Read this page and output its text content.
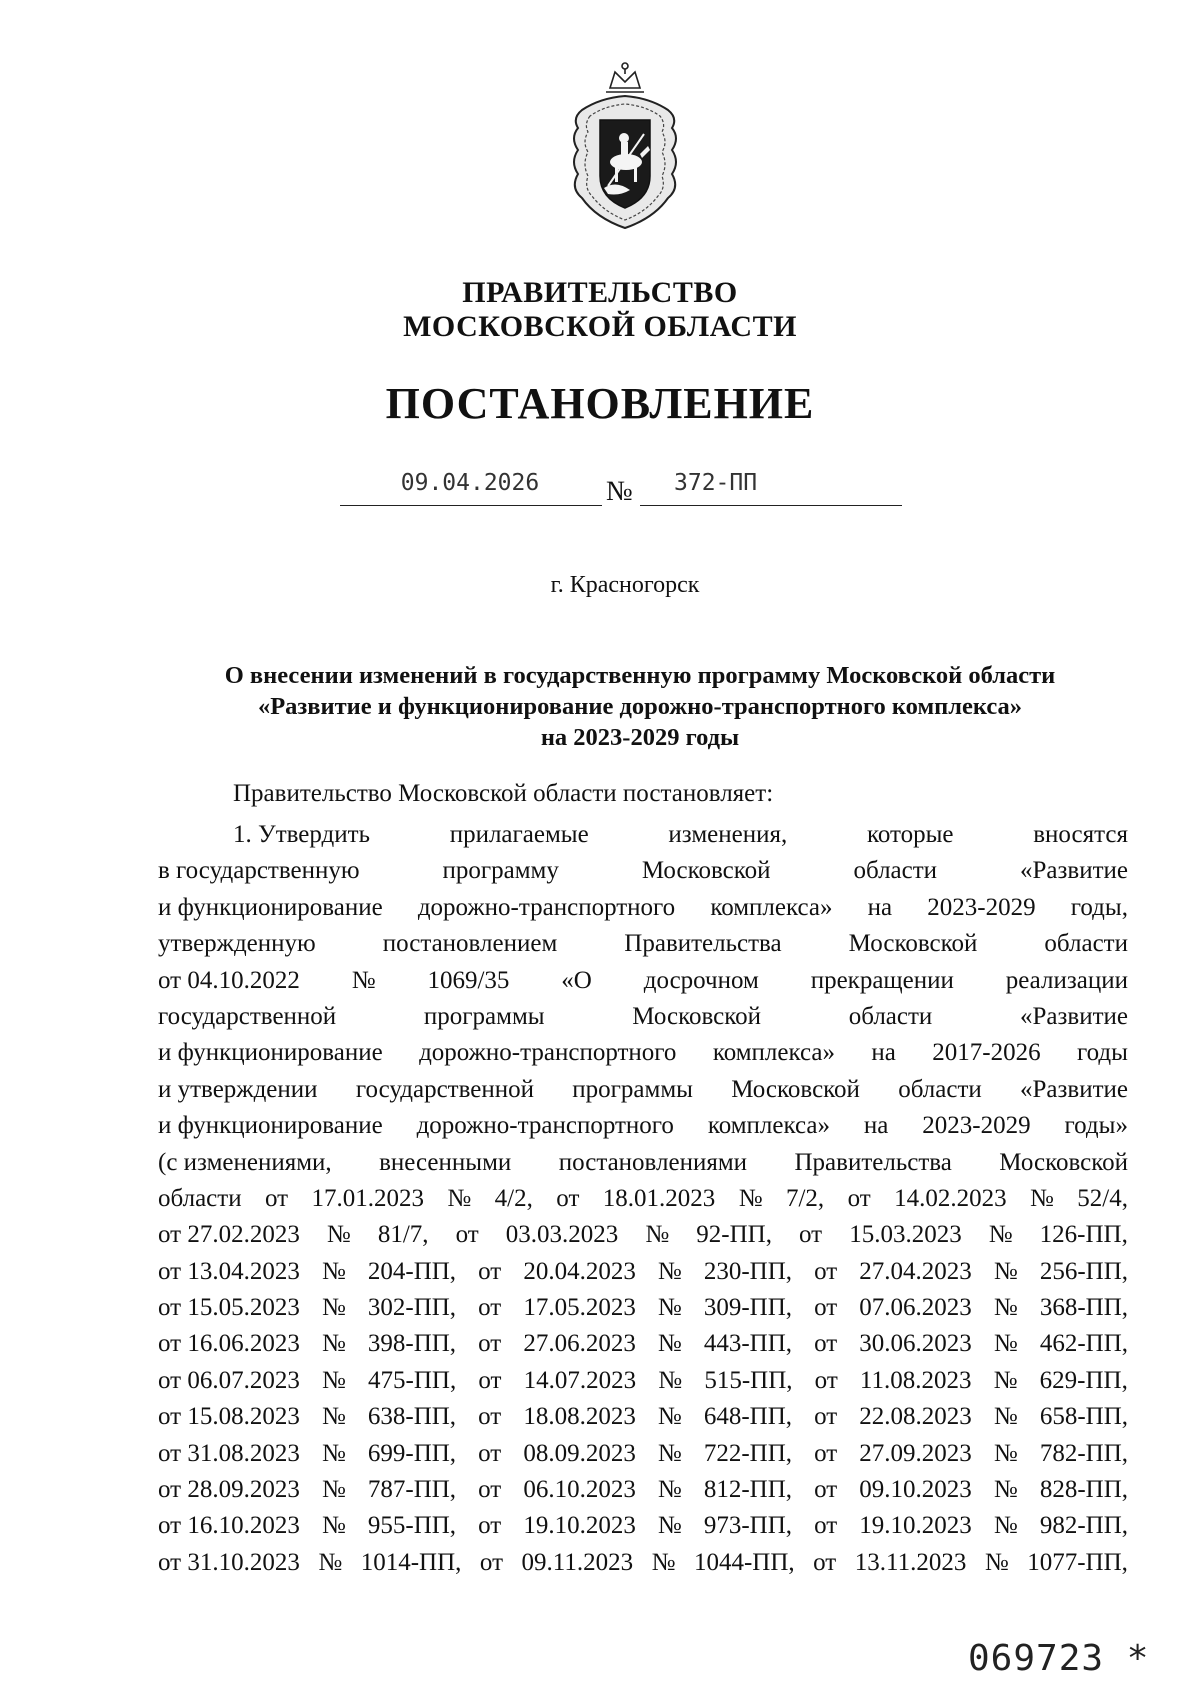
ПРАВИТЕЛЬСТВО
МОСКОВСКОЙ ОБЛАСТИ
ПОСТАНОВЛЕНИЕ
09.04.2026	№	372-ПП
г. Красногорск
О внесении изменений в государственную программу Московской области
«Развитие и функционирование дорожно-транспортного комплекса»
на 2023-2029 годы
Правительство Московской области постановляет:
1. Утвердить	прилагаемые	изменения,	которые	вносятся
в государственную	программу	Московской	области	«Развитие
и функционирование дорожно-транспортного комплекса» на 2023-2029 годы,
утвержденную	постановлением	Правительства	Московской	области
от 04.10.2022 № 1069/35 «О досрочном прекращении реализации
государственной	программы	Московской	области	«Развитие
и функционирование дорожно-транспортного комплекса» на 2017-2026 годы
и утверждении государственной программы Московской области «Развитие
и функционирование дорожно-транспортного комплекса» на 2023-2029 годы»
(с изменениями, внесенными постановлениями Правительства Московской
области от 17.01.2023 № 4/2, от 18.01.2023 № 7/2, от 14.02.2023 № 52/4,
от 27.02.2023 № 81/7, от 03.03.2023 № 92-ПП, от 15.03.2023 № 126-ПП,
от 13.04.2023 № 204-ПП, от 20.04.2023 № 230-ПП, от 27.04.2023 № 256-ПП,
от 15.05.2023 № 302-ПП, от 17.05.2023 № 309-ПП, от 07.06.2023 № 368-ПП,
от 16.06.2023 № 398-ПП, от 27.06.2023 № 443-ПП, от 30.06.2023 № 462-ПП,
от 06.07.2023 № 475-ПП, от 14.07.2023 № 515-ПП, от 11.08.2023 № 629-ПП,
от 15.08.2023 № 638-ПП, от 18.08.2023 № 648-ПП, от 22.08.2023 № 658-ПП,
от 31.08.2023 № 699-ПП, от 08.09.2023 № 722-ПП, от 27.09.2023 № 782-ПП,
от 28.09.2023 № 787-ПП, от 06.10.2023 № 812-ПП, от 09.10.2023 № 828-ПП,
от 16.10.2023 № 955-ПП, от 19.10.2023 № 973-ПП, от 19.10.2023 № 982-ПП,
от 31.10.2023 № 1014-ПП, от 09.11.2023 № 1044-ПП, от 13.11.2023 № 1077-ПП,
069723 *
